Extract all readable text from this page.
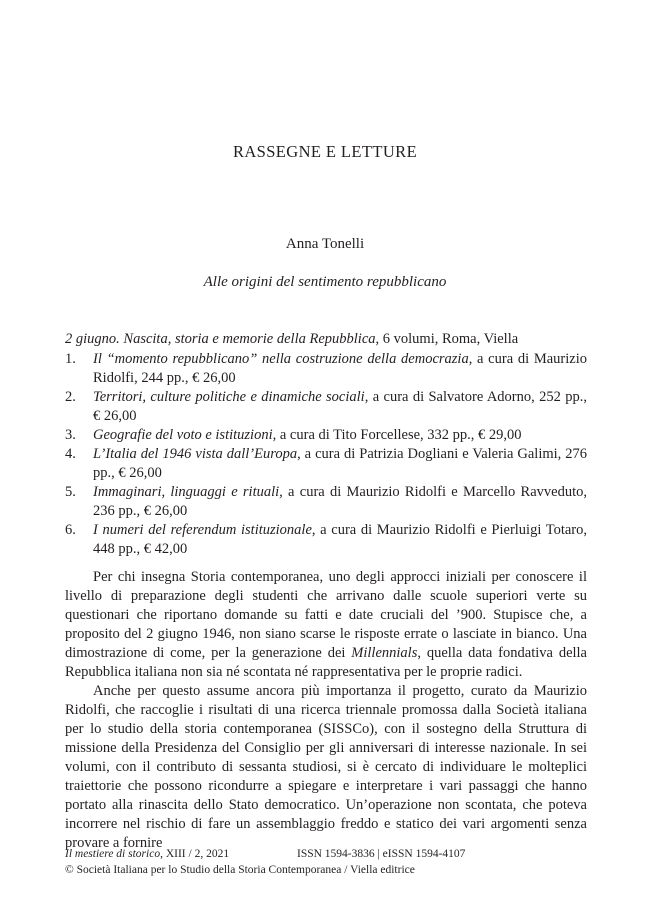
RASSEGNE E LETTURE
Anna Tonelli
Alle origini del sentimento repubblicano
2 giugno. Nascita, storia e memorie della Repubblica, 6 volumi, Roma, Viella
1. Il “momento repubblicano” nella costruzione della democrazia, a cura di Maurizio Ridolfi, 244 pp., € 26,00
2. Territori, culture politiche e dinamiche sociali, a cura di Salvatore Adorno, 252 pp., € 26,00
3. Geografie del voto e istituzioni, a cura di Tito Forcellese, 332 pp., € 29,00
4. L’Italia del 1946 vista dall’Europa, a cura di Patrizia Dogliani e Valeria Galimi, 276 pp., € 26,00
5. Immaginari, linguaggi e rituali, a cura di Maurizio Ridolfi e Marcello Ravveduto, 236 pp., € 26,00
6. I numeri del referendum istituzionale, a cura di Maurizio Ridolfi e Pierluigi Totaro, 448 pp., € 42,00

Per chi insegna Storia contemporanea, uno degli approcci iniziali per conoscere il livello di preparazione degli studenti che arrivano dalle scuole superiori verte su questionari che riportano domande su fatti e date cruciali del ’900. Stupisce che, a proposito del 2 giugno 1946, non siano scarse le risposte errate o lasciate in bianco. Una dimostrazione di come, per la generazione dei Millennials, quella data fondativa della Repubblica italiana non sia né scontata né rappresentativa per le proprie radici.

Anche per questo assume ancora più importanza il progetto, curato da Maurizio Ridolfi, che raccoglie i risultati di una ricerca triennale promossa dalla Società italiana per lo studio della storia contemporanea (SISSCo), con il sostegno della Struttura di missione della Presidenza del Consiglio per gli anniversari di interesse nazionale. In sei volumi, con il contributo di sessanta studiosi, si è cercato di individuare le molteplici traiettorie che possono ricondurre a spiegare e interpretare i vari passaggi che hanno portato alla rinascita dello Stato democratico. Un’operazione non scontata, che poteva incorrere nel rischio di fare un assemblaggio freddo e statico dei vari argomenti senza provare a fornire

Il mestiere di storico, XIII / 2, 2021	ISSN 1594-3836 | eISSN 1594-4107
© Società Italiana per lo Studio della Storia Contemporanea / Viella editrice
